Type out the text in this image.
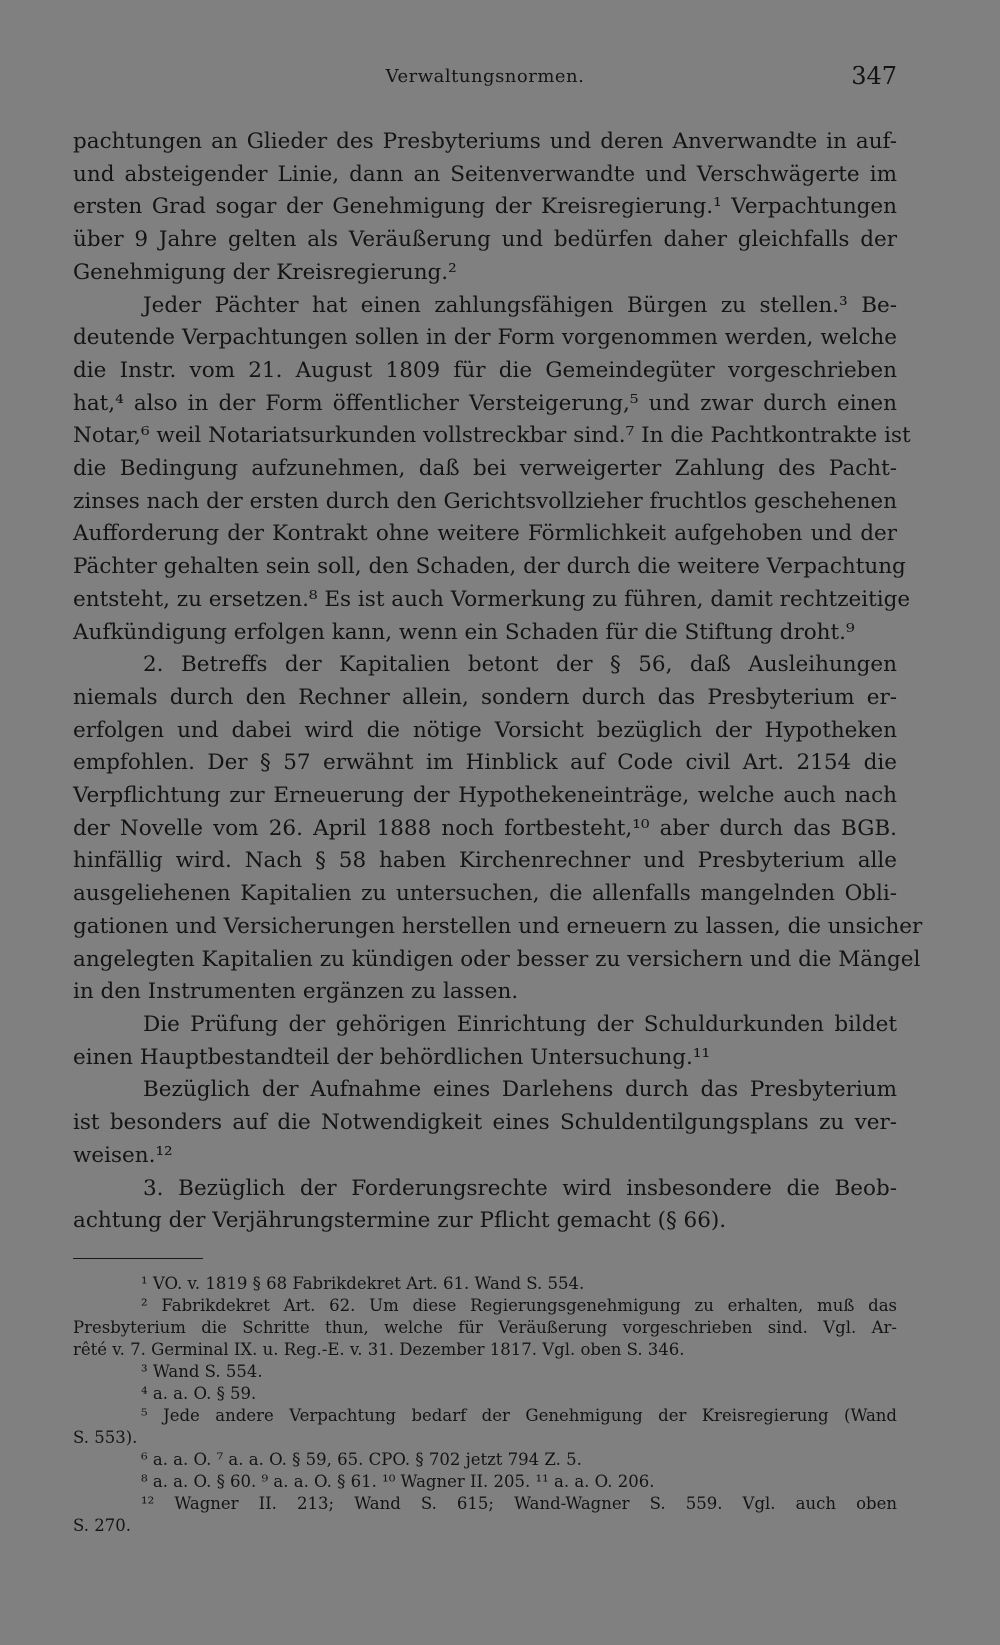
Verwaltungsnormen.	347
pachtungen an Glieder des Presbyteriums und deren Anverwandte in auf-
und absteigender Linie, dann an Seitenverwandte und Verschwägerte im
ersten Grad sogar der Genehmigung der Kreisregierung.¹ Verpachtungen
über 9 Jahre gelten als Veräußerung und bedürfen daher gleichfalls der
Genehmigung der Kreisregierung.²
Jeder Pächter hat einen zahlungsfähigen Bürgen zu stellen.³ Be-
deutende Verpachtungen sollen in der Form vorgenommen werden, welche
die Instr. vom 21. August 1809 für die Gemeindegüter vorgeschrieben
hat,⁴ also in der Form öffentlicher Versteigerung,⁵ und zwar durch einen
Notar,⁶ weil Notariatsurkunden vollstreckbar sind.⁷ In die Pachtkontrakte ist
die Bedingung aufzunehmen, daß bei verweigerter Zahlung des Pacht-
zinses nach der ersten durch den Gerichtsvollzieher fruchtlos geschehenen
Aufforderung der Kontrakt ohne weitere Förmlichkeit aufgehoben und der
Pächter gehalten sein soll, den Schaden, der durch die weitere Verpachtung
entsteht, zu ersetzen.⁸ Es ist auch Vormerkung zu führen, damit rechtzeitige
Aufkündigung erfolgen kann, wenn ein Schaden für die Stiftung droht.⁹
2. Betreffs der Kapitalien betont der § 56, daß Ausleihungen
niemals durch den Rechner allein, sondern durch das Presbyterium er-
erfolgen und dabei wird die nötige Vorsicht bezüglich der Hypotheken
empfohlen. Der § 57 erwähnt im Hinblick auf Code civil Art. 2154 die
Verpflichtung zur Erneuerung der Hypothekeneinträge, welche auch nach
der Novelle vom 26. April 1888 noch fortbesteht,¹⁰ aber durch das BGB.
hinfällig wird. Nach § 58 haben Kirchenrechner und Presbyterium alle
ausgeliehenen Kapitalien zu untersuchen, die allenfalls mangelnden Obli-
gationen und Versicherungen herstellen und erneuern zu lassen, die unsicher
angelegten Kapitalien zu kündigen oder besser zu versichern und die Mängel
in den Instrumenten ergänzen zu lassen.
Die Prüfung der gehörigen Einrichtung der Schuldurkunden bildet
einen Hauptbestandteil der behördlichen Untersuchung.¹¹
Bezüglich der Aufnahme eines Darlehens durch das Presbyterium
ist besonders auf die Notwendigkeit eines Schuldentilgungsplans zu ver-
weisen.¹²
3. Bezüglich der Forderungsrechte wird insbesondere die Beob-
achtung der Verjährungstermine zur Pflicht gemacht (§ 66).
¹ VO. v. 1819 § 68 Fabrikdekret Art. 61. Wand S. 554.
² Fabrikdekret Art. 62. Um diese Regierungsgenehmigung zu erhalten, muß das
Presbyterium die Schritte thun, welche für Veräußerung vorgeschrieben sind. Vgl. Ar-
rêté v. 7. Germinal IX. u. Reg.-E. v. 31. Dezember 1817. Vgl. oben S. 346.
³ Wand S. 554.
⁴ a. a. O. § 59.
⁵ Jede andere Verpachtung bedarf der Genehmigung der Kreisregierung (Wand
S. 553).
⁶ a. a. O. ⁷ a. a. O. § 59, 65. CPO. § 702 jetzt 794 Z. 5.
⁸ a. a. O. § 60. ⁹ a. a. O. § 61. ¹⁰ Wagner II. 205. ¹¹ a. a. O. 206.
¹² Wagner II. 213; Wand S. 615; Wand-Wagner S. 559. Vgl. auch oben
S. 270.
